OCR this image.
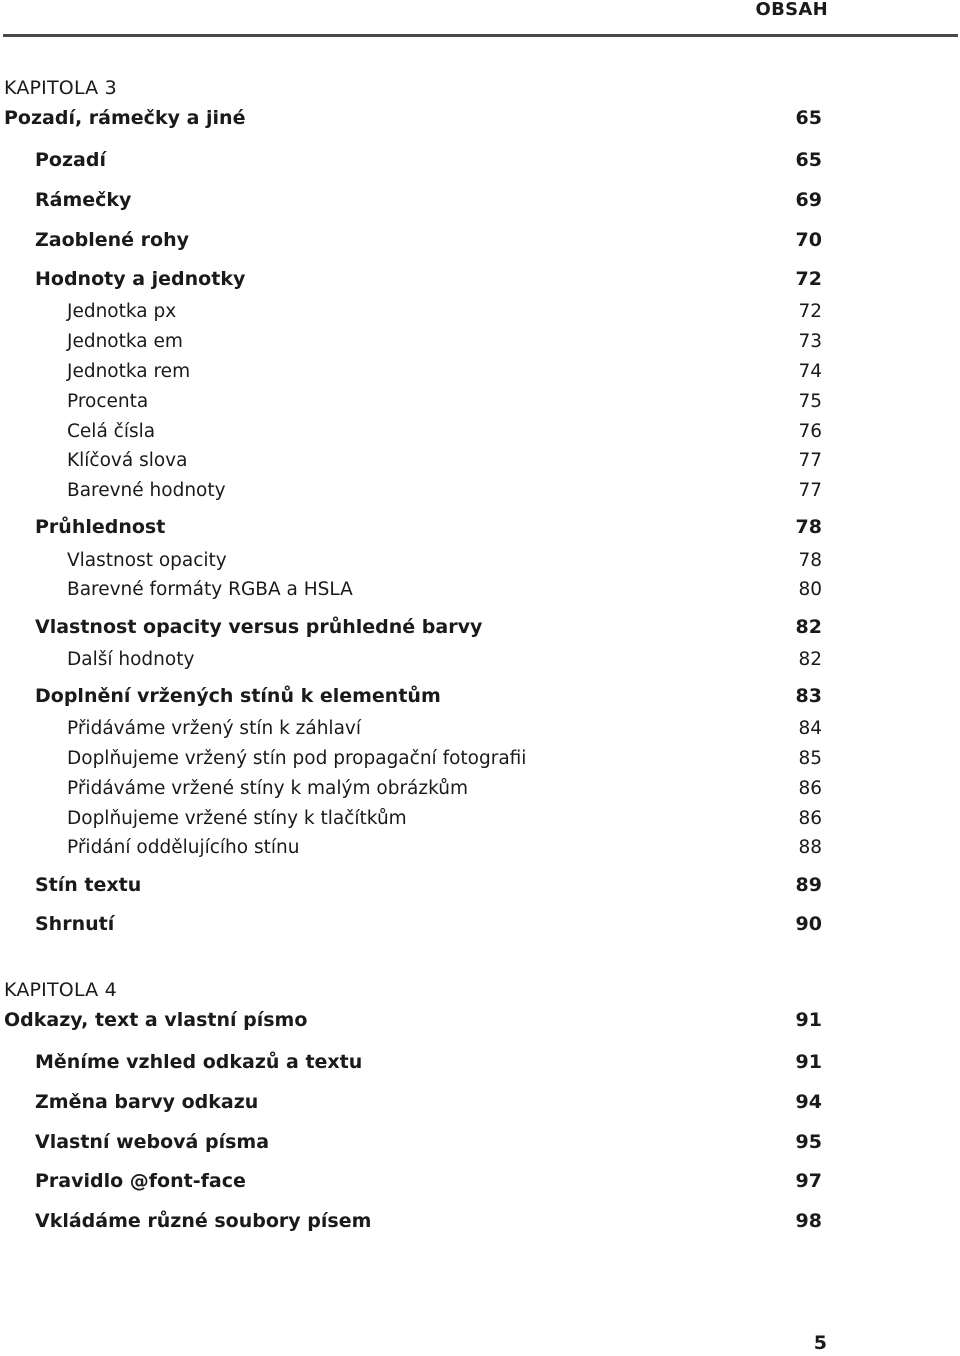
OBSAH
KAPITOLA 3
Pozadí, rámečky a jiné	65
Pozadí	65
Rámečky	69
Zaoblené rohy	70
Hodnoty a jednotky	72
Jednotka px	72
Jednotka em	73
Jednotka rem	74
Procenta	75
Celá čísla	76
Klíčová slova	77
Barevné hodnoty	77
Průhlednost	78
Vlastnost opacity	78
Barevné formáty RGBA a HSLA	80
Vlastnost opacity versus průhledné barvy	82
Další hodnoty	82
Doplnění vržených stínů k elementům	83
Přidáváme vržený stín k záhlaví	84
Doplňujeme vržený stín pod propagační fotografii	85
Přidáváme vržené stíny k malým obrázkům	86
Doplňujeme vržené stíny k tlačítkům	86
Přidání oddělujícího stínu	88
Stín textu	89
Shrnutí	90
KAPITOLA 4
Odkazy, text a vlastní písmo	91
Měníme vzhled odkazů a textu	91
Změna barvy odkazu	94
Vlastní webová písma	95
Pravidlo @font-face	97
Vkládáme různé soubory písem	98
5
